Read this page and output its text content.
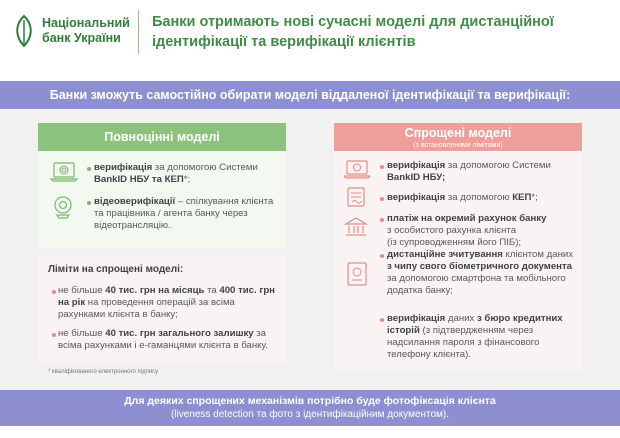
Національний
банк України
Банки отримають нові сучасні моделі для дистанційної
ідентифікації та верифікації клієнтів
Банки зможуть самостійно обирати моделі віддаленої ідентифікації та верифікації:
Повноцінні моделі
верифікація за допомогою Системи
BankID НБУ та КЕП*;
відеоверифікації – спілкування клієнта
та працівника / агента банку через
відеотрансляцію.
Ліміти на спрощені моделі:
не більше 40 тис. грн на місяць та 400 тис. грн
на рік на проведення операцій за всіма
рахунками клієнта в банку;
не більше 40 тис. грн загального залишку за
всіма рахунками і е-гаманцями клієнта в банку.
* кваліфікованого електронного підпису
Спрощені моделі
(з встановленими лімітами)
верифікація за допомогою Системи
BankID НБУ;
верифікація за допомогою КЕП*;
платіж на окремий рахунок банку
з особистого рахунка клієнта
(із супроводженням його ПІБ);
дистанційне зчитування клієнтом даних
з чипу свого біометричного документа
за допомогою смартфона та мобільного
додатка банку;
верифікація даних з бюро кредитних
історій (з підтвердженням через
надсилання пароля з фінансового
телефону клієнта).
Для деяких спрощених механізмів потрібно буде фотофіксація клієнта
(liveness detection та фото з ідентифікаційним документом).
